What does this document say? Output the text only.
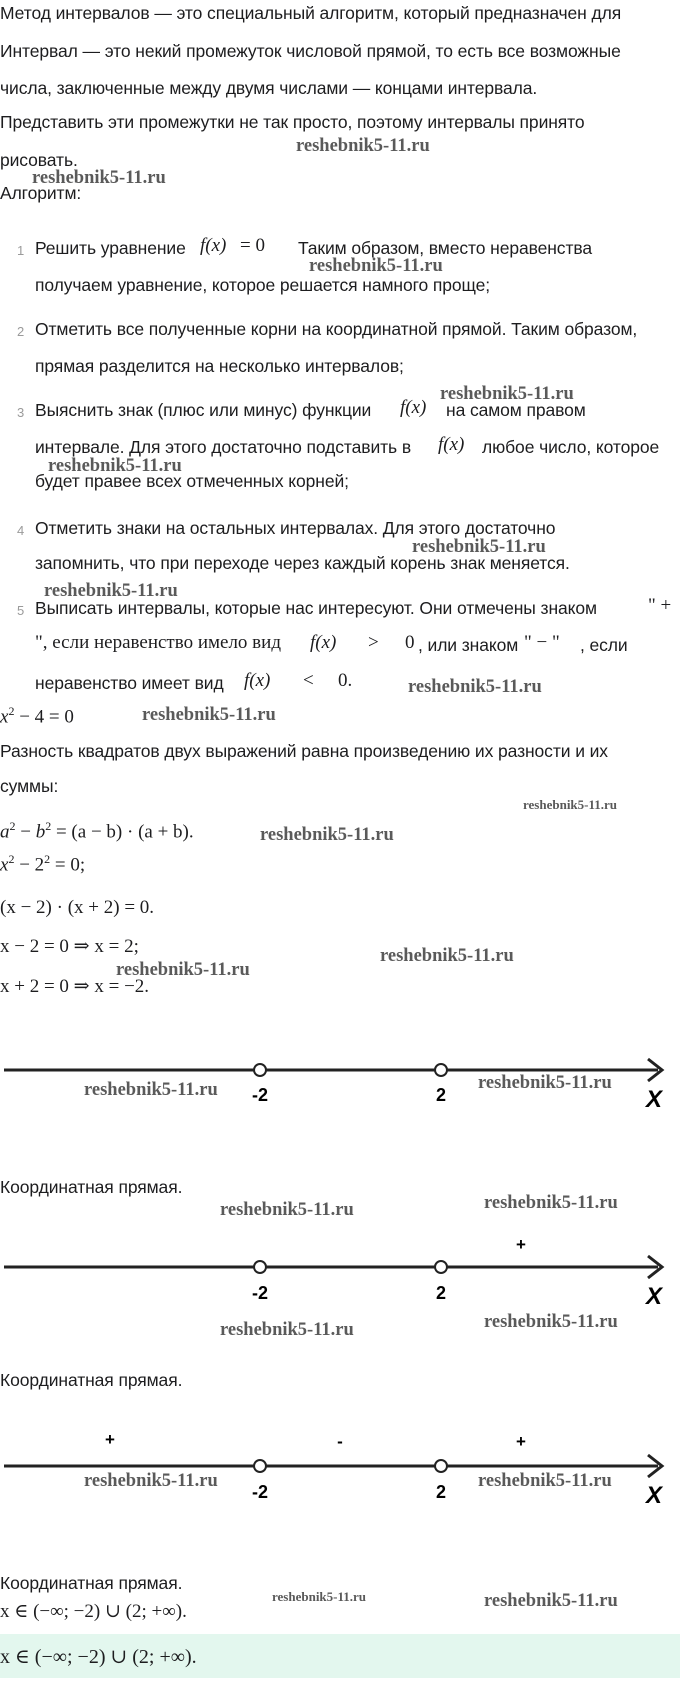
Метод интервалов — это специальный алгоритм, который предназначен для
Интервал — это некий промежуток числовой прямой, то есть все возможные
числа, заключенные между двумя числами — концами интервала.
Представить эти промежутки не так просто, поэтому интервалы принято
рисовать.
Алгоритм:
1 Решить уравнение f(x) = 0 Таким образом, вместо неравенства
получаем уравнение, которое решается намного проще;
2 Отметить все полученные корни на координатной прямой. Таким образом,
прямая разделится на несколько интервалов;
3 Выяснить знак (плюс или минус) функции f(x) на самом правом
интервале. Для этого достаточно подставить в f(x) любое число, которое
будет правее всех отмеченных корней;
4 Отметить знаки на остальных интервалах. Для этого достаточно
запомнить, что при переходе через каждый корень знак меняется.
5 Выписать интервалы, которые нас интересуют. Они отмечены знаком	" +
", если неравенство имело вид f(x) > 0 , или знаком " − " , если
неравенство имеет вид f(x) < 0.
$x^2 - 4 = 0$
Разность квадратов двух выражений равна произведению их разности и их
суммы:
$a^2 - b^2 = (a - b) \cdot (a + b)$.
$x^2 - 2^2 = 0$;
(x − 2) · (x + 2) = 0.
x − 2 = 0 ⇒ x = 2;
x + 2 = 0 ⇒ x = −2.
-2	2	X
Координатная прямая.
+
-2	2	X
Координатная прямая.
+	-	+
-2	2	X
Координатная прямая.
x ∈ (−∞; −2) ∪ (2; +∞).
x ∈ (−∞; −2) ∪ (2; +∞).
reshebnik5-11.ru
reshebnik5-11.ru
reshebnik5-11.ru
reshebnik5-11.ru
reshebnik5-11.ru
reshebnik5-11.ru
reshebnik5-11.ru
reshebnik5-11.ru
reshebnik5-11.ru
reshebnik5-11.ru
reshebnik5-11.ru
reshebnik5-11.ru
reshebnik5-11.ru
reshebnik5-11.ru	reshebnik5-11.ru
reshebnik5-11.ru
reshebnik5-11.ru
reshebnik5-11.ru	reshebnik5-11.ru
reshebnik5-11.ru	reshebnik5-11.ru
reshebnik5-11.ru	reshebnik5-11.ru
